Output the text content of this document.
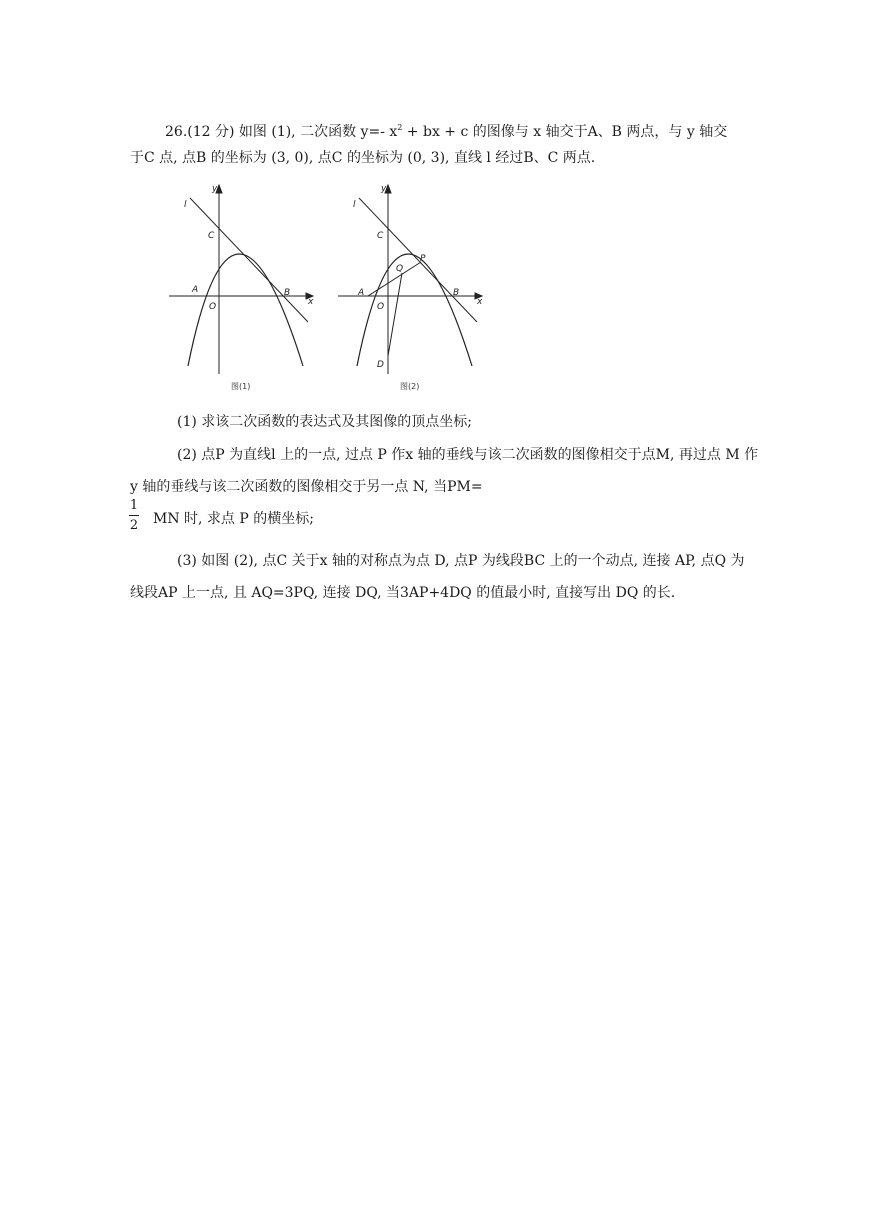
26.(12 分) 如图 (1), 二次函数 y=- $x^2$ + bx + c 的图像与 x 轴交于A、B 两点，与 y 轴交
于C 点, 点B 的坐标为 (3, 0), 点C 的坐标为 (0, 3), 直线 l 经过B、C 两点.
y
l
C
A
O
B
x
图(1)
y
l
C
Q
P
A
O
B
x
D
图(2)
(1) 求该二次函数的表达式及其图像的顶点坐标;
(2) 点P 为直线l 上的一点, 过点 P 作x 轴的垂线与该二次函数的图像相交于点M, 再过点 M 作
y 轴的垂线与该二次函数的图像相交于另一点 N, 当PM=
1
2 MN 时, 求点 P 的横坐标;
(3) 如图 (2), 点C 关于x 轴的对称点为点 D, 点P 为线段BC 上的一个动点, 连接 AP, 点Q 为
线段AP 上一点, 且 AQ=3PQ, 连接 DQ, 当3AP+4DQ 的值最小时, 直接写出 DQ 的长.
